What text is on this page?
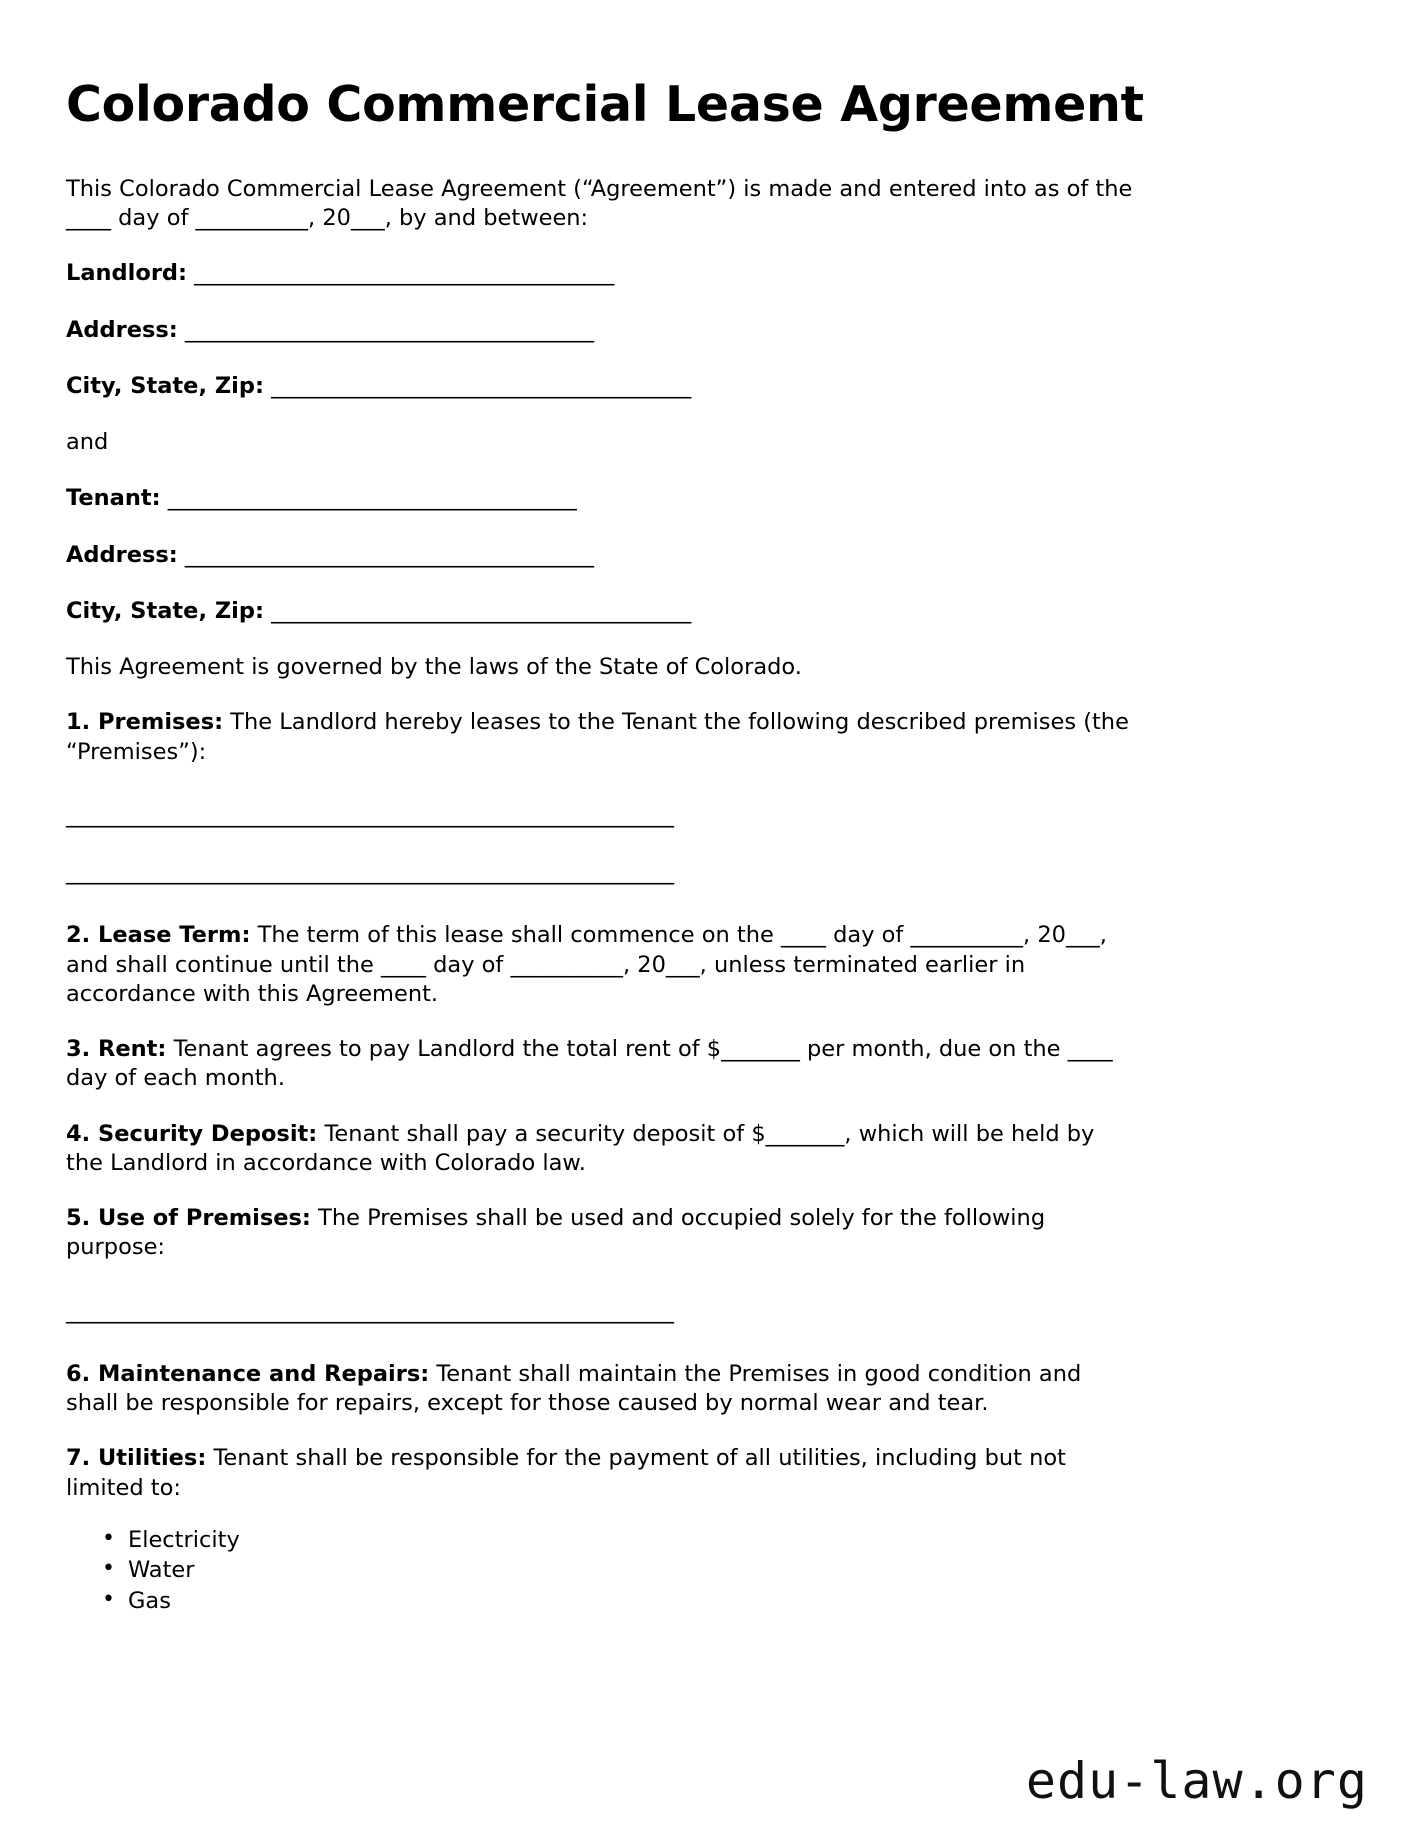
Colorado Commercial Lease Agreement

This Colorado Commercial Lease Agreement (“Agreement”) is made and entered into as of the ____ day of __________, 20___, by and between:

Landlord: ______________________________________

Address: _____________________________________

City, State, Zip: ______________________________________

and

Tenant: _____________________________________

Address: _____________________________________

City, State, Zip: ______________________________________

This Agreement is governed by the laws of the State of Colorado.

1. Premises: The Landlord hereby leases to the Tenant the following described premises (the “Premises”):

_______________________________________________________
_______________________________________________________

2. Lease Term: The term of this lease shall commence on the ____ day of __________, 20___, and shall continue until the ____ day of __________, 20___, unless terminated earlier in accordance with this Agreement.

3. Rent: Tenant agrees to pay Landlord the total rent of $_______ per month, due on the ____ day of each month.

4. Security Deposit: Tenant shall pay a security deposit of $_______, which will be held by the Landlord in accordance with Colorado law.

5. Use of Premises: The Premises shall be used and occupied solely for the following purpose:

_______________________________________________________

6. Maintenance and Repairs: Tenant shall maintain the Premises in good condition and shall be responsible for repairs, except for those caused by normal wear and tear.

7. Utilities: Tenant shall be responsible for the payment of all utilities, including but not limited to:

• Electricity
• Water
• Gas
edu-law.org
